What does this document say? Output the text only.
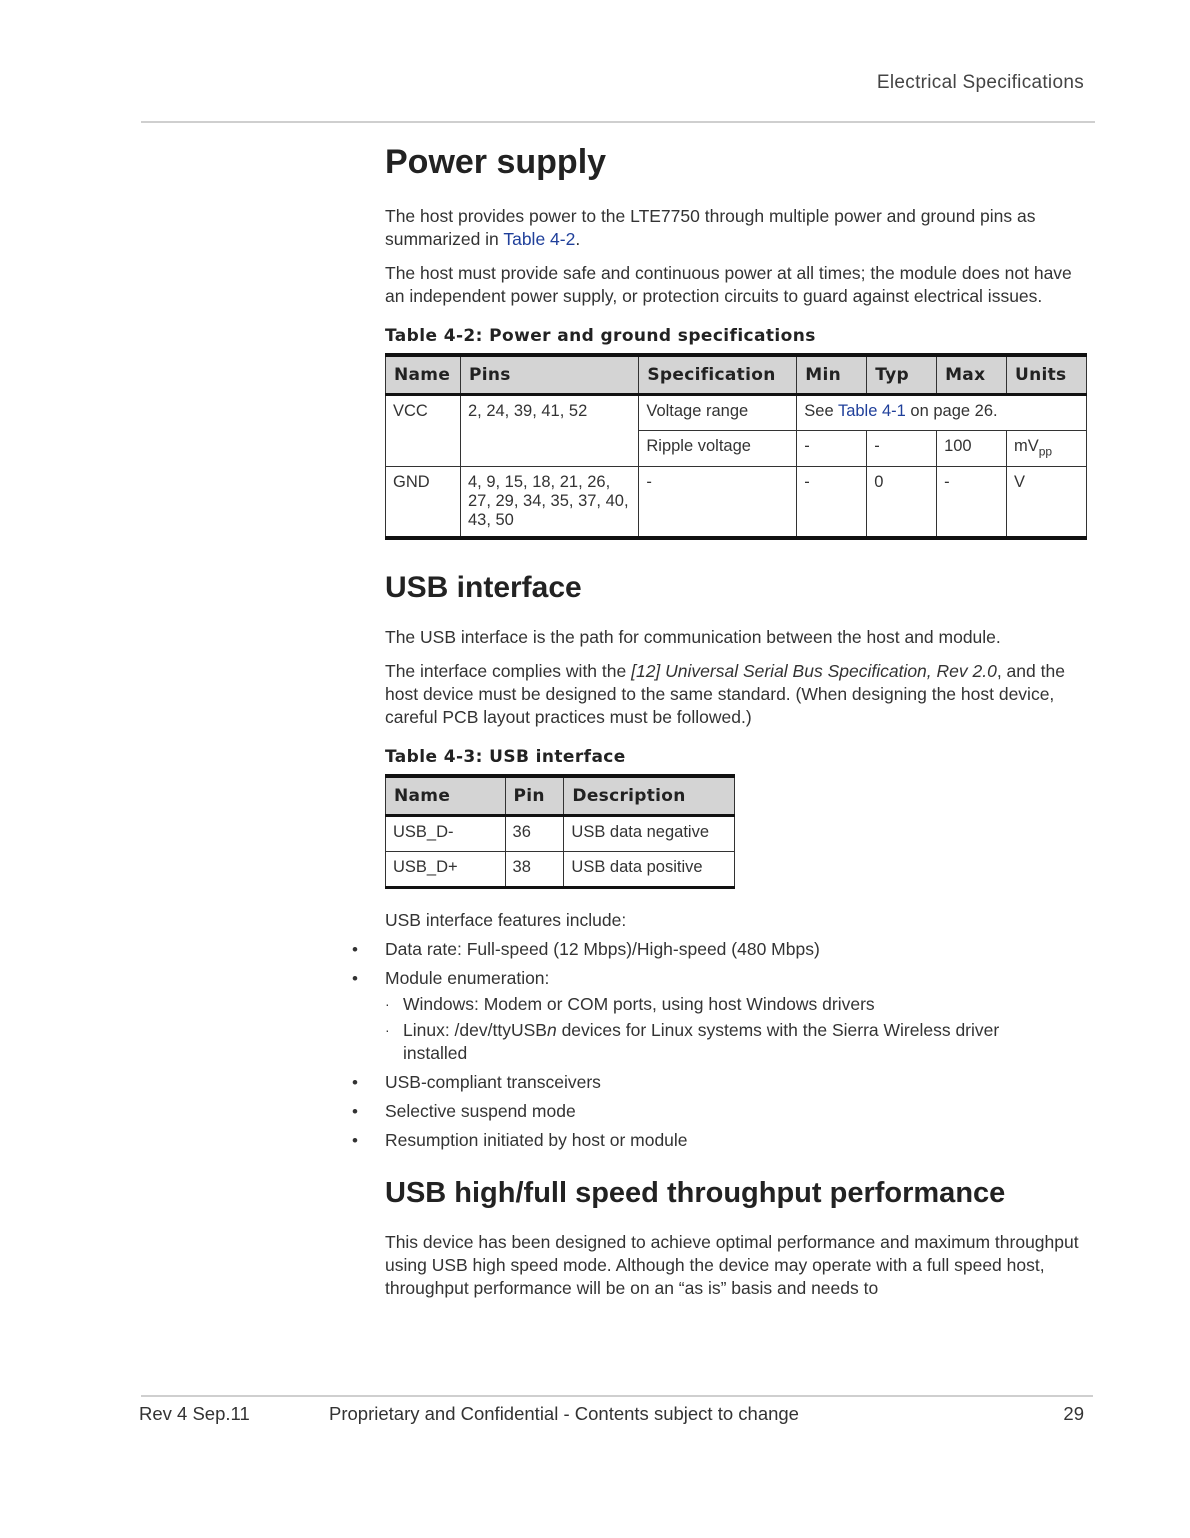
Electrical Specifications
Power supply

The host provides power to the LTE7750 through multiple power and ground pins as summarized in Table 4-2.

The host must provide safe and continuous power at all times; the module does not have an independent power supply, or protection circuits to guard against electrical issues.

Table 4-2: Power and ground specifications
Name	Pins	Specification	Min	Typ	Max	Units
VCC	2, 24, 39, 41, 52	Voltage range	See Table 4-1 on page 26.			
		Ripple voltage	-	-	100	$mV_{pp}$
GND	4, 9, 15, 18, 21, 26, 27, 29, 34, 35, 37, 40, 43, 50	-	-	0	-	V
USB interface

The USB interface is the path for communication between the host and module.

The interface complies with the [12] Universal Serial Bus Specification, Rev 2.0, and the host device must be designed to the same standard. (When designing the host device, careful PCB layout practices must be followed.)

Table 4-3: USB interface
Name	Pin	Description
USB_D-	36	USB data negative
USB_D+	38	USB data positive

USB interface features include:

• Data rate: Full-speed (12 Mbps)/High-speed (480 Mbps)
• Module enumeration:
· Windows: Modem or COM ports, using host Windows drivers
· Linux: /dev/ttyUSBn devices for Linux systems with the Sierra Wireless driver installed
• USB-compliant transceivers
• Selective suspend mode
• Resumption initiated by host or module
USB high/full speed throughput performance

This device has been designed to achieve optimal performance and maximum throughput using USB high speed mode. Although the device may operate with a full speed host, throughput performance will be on an “as is” basis and needs to

Rev 4 Sep.11	Proprietary and Confidential - Contents subject to change	29
